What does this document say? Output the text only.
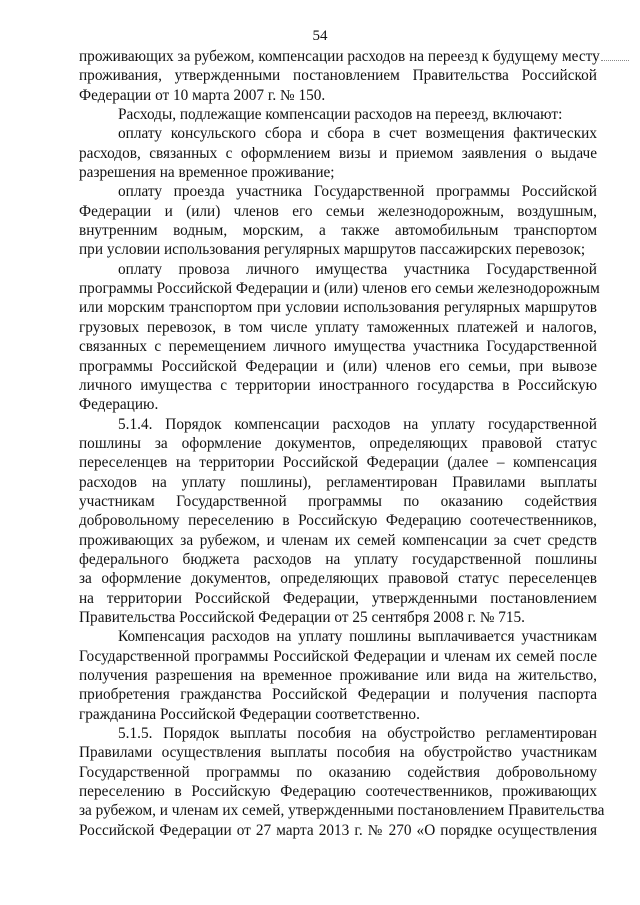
54
проживающих за рубежом, компенсации расходов на переезд к будущему месту
проживания, утвержденными постановлением Правительства Российской
Федерации от 10 марта 2007 г. № 150.
Расходы, подлежащие компенсации расходов на переезд, включают:
оплату консульского сбора и сбора в счет возмещения фактических
расходов, связанных с оформлением визы и приемом заявления о выдаче
разрешения на временное проживание;
оплату проезда участника Государственной программы Российской
Федерации и (или) членов его семьи железнодорожным, воздушным,
внутренним водным, морским, а также автомобильным транспортом
при условии использования регулярных маршрутов пассажирских перевозок;
оплату провоза личного имущества участника Государственной
программы Российской Федерации и (или) членов его семьи железнодорожным
или морским транспортом при условии использования регулярных маршрутов
грузовых перевозок, в том числе уплату таможенных платежей и налогов,
связанных с перемещением личного имущества участника Государственной
программы Российской Федерации и (или) членов его семьи, при вывозе
личного имущества с территории иностранного государства в Российскую
Федерацию.
5.1.4. Порядок компенсации расходов на уплату государственной
пошлины за оформление документов, определяющих правовой статус
переселенцев на территории Российской Федерации (далее – компенсация
расходов на уплату пошлины), регламентирован Правилами выплаты
участникам Государственной программы по оказанию содействия
добровольному переселению в Российскую Федерацию соотечественников,
проживающих за рубежом, и членам их семей компенсации за счет средств
федерального бюджета расходов на уплату государственной пошлины
за оформление документов, определяющих правовой статус переселенцев
на территории Российской Федерации, утвержденными постановлением
Правительства Российской Федерации от 25 сентября 2008 г. № 715.
Компенсация расходов на уплату пошлины выплачивается участникам
Государственной программы Российской Федерации и членам их семей после
получения разрешения на временное проживание или вида на жительство,
приобретения гражданства Российской Федерации и получения паспорта
гражданина Российской Федерации соответственно.
5.1.5. Порядок выплаты пособия на обустройство регламентирован
Правилами осуществления выплаты пособия на обустройство участникам
Государственной программы по оказанию содействия добровольному
переселению в Российскую Федерацию соотечественников, проживающих
за рубежом, и членам их семей, утвержденными постановлением Правительства
Российской Федерации от 27 марта 2013 г. № 270 «О порядке осуществления
